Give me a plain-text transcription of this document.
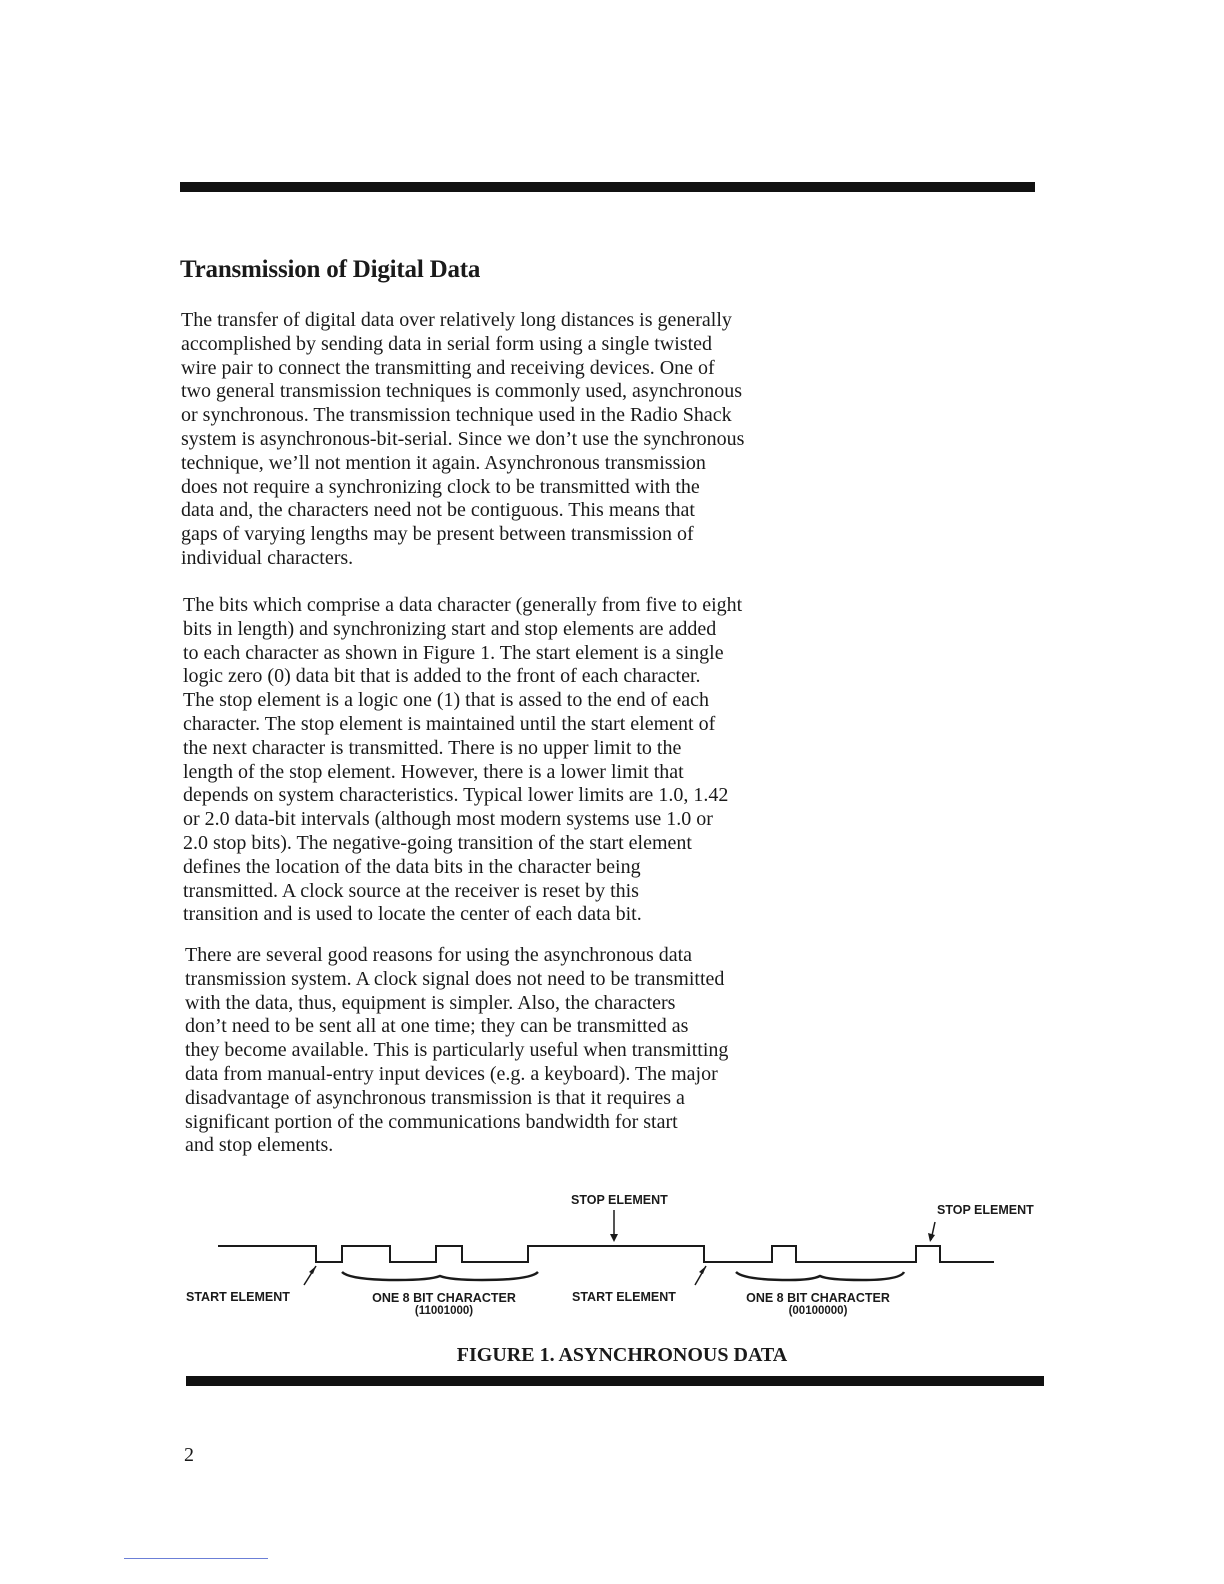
Transmission of Digital Data
The transfer of digital data over relatively long distances is generally
accomplished by sending data in serial form using a single twisted
wire pair to connect the transmitting and receiving devices. One of
two general transmission techniques is commonly used, asynchronous
or synchronous. The transmission technique used in the Radio Shack
system is asynchronous-bit-serial. Since we don’t use the synchronous
technique, we’ll not mention it again. Asynchronous transmission
does not require a synchronizing clock to be transmitted with the
data and, the characters need not be contiguous. This means that
gaps of varying lengths may be present between transmission of
individual characters.
The bits which comprise a data character (generally from five to eight
bits in length) and synchronizing start and stop elements are added
to each character as shown in Figure 1. The start element is a single
logic zero (0) data bit that is added to the front of each character.
The stop element is a logic one (1) that is assed to the end of each
character. The stop element is maintained until the start element of
the next character is transmitted. There is no upper limit to the
length of the stop element. However, there is a lower limit that
depends on system characteristics. Typical lower limits are 1.0, 1.42
or 2.0 data-bit intervals (although most modern systems use 1.0 or
2.0 stop bits). The negative-going transition of the start element
defines the location of the data bits in the character being
transmitted. A clock source at the receiver is reset by this
transition and is used to locate the center of each data bit.
There are several good reasons for using the asynchronous data
transmission system. A clock signal does not need to be transmitted
with the data, thus, equipment is simpler. Also, the characters
don’t need to be sent all at one time; they can be transmitted as
they become available. This is particularly useful when transmitting
data from manual-entry input devices (e.g. a keyboard). The major
disadvantage of asynchronous transmission is that it requires a
significant portion of the communications bandwidth for start
and stop elements.
STOP ELEMENT
STOP ELEMENT
START ELEMENT	START ELEMENT
ONE 8 BIT CHARACTER
(11001000)
ONE 8 BIT CHARACTER
(00100000)
FIGURE 1. ASYNCHRONOUS DATA
2
